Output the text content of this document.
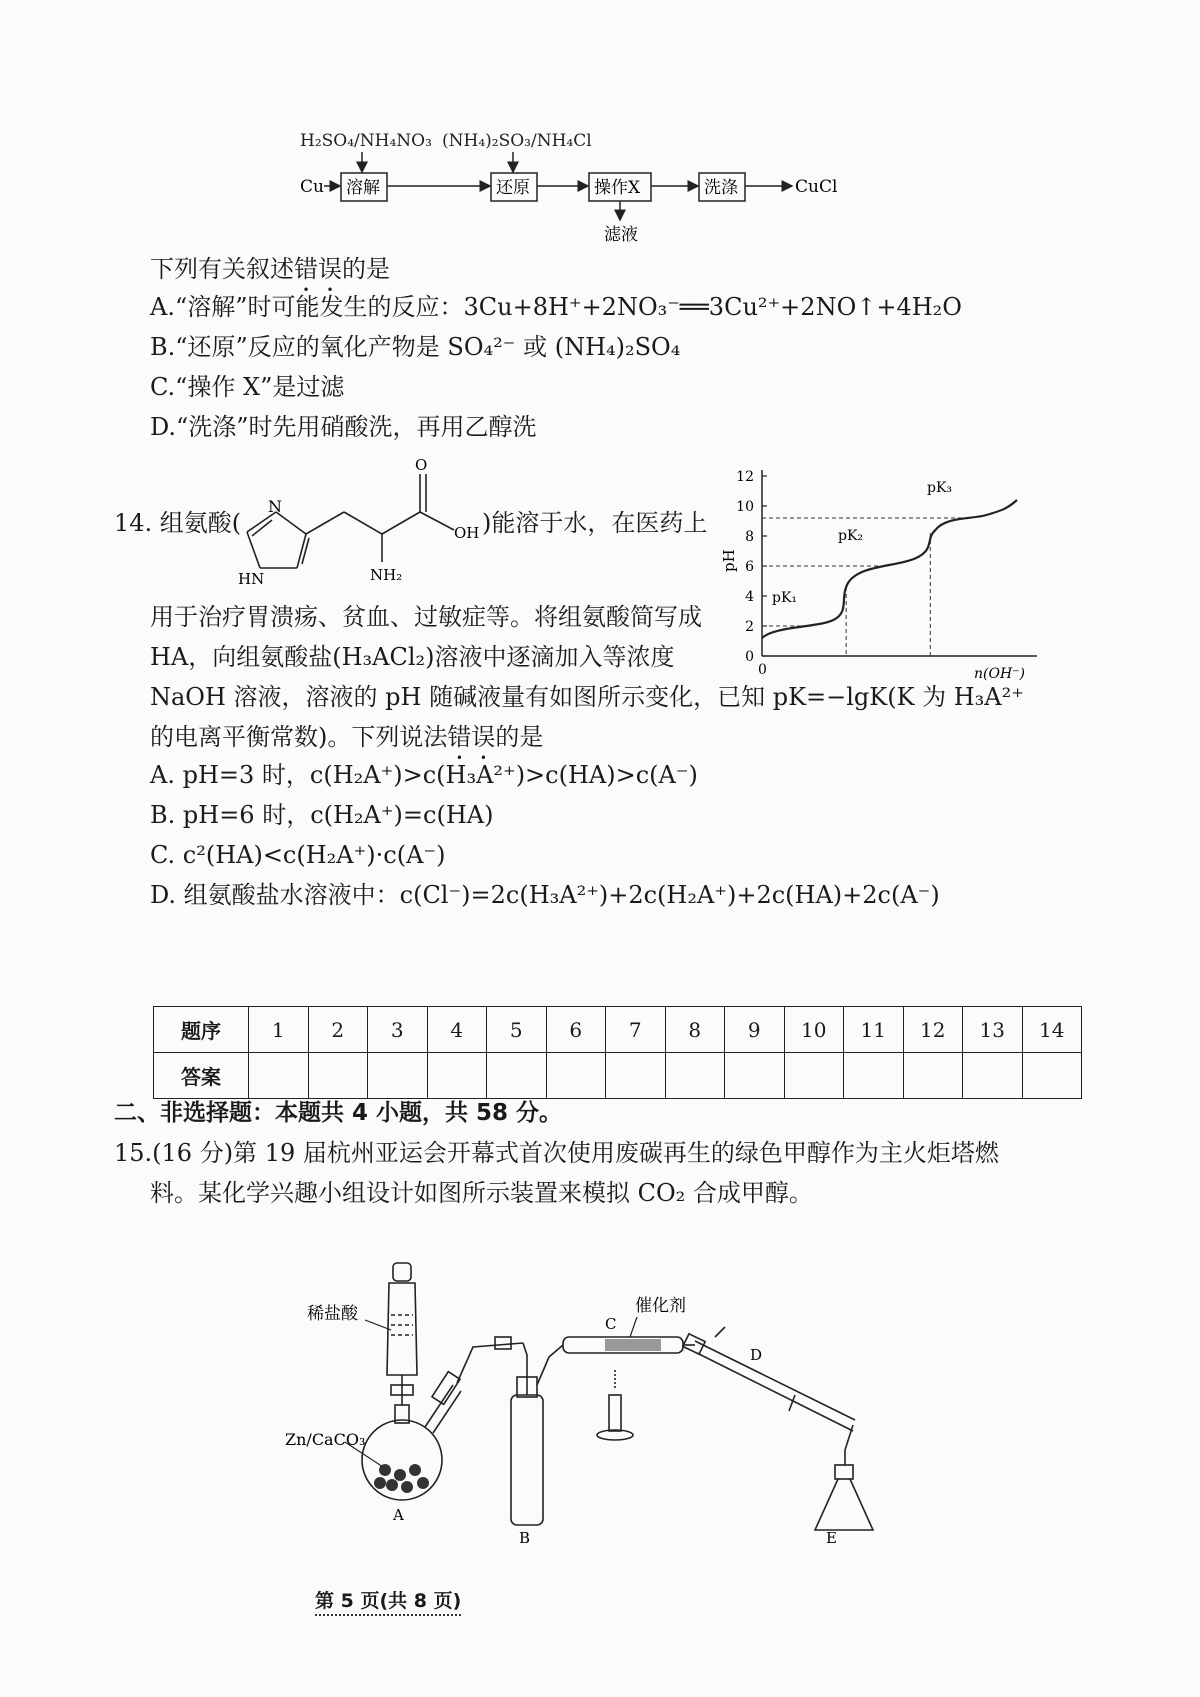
H₂SO₄/NH₄NO₃ (NH₄)₂SO₃/NH₄Cl
Cu 溶解	还原	操作X	洗涤	CuCl
滤液
下列有关叙述错误的是
A.“溶解”时可能发生的反应：3Cu+8H⁺+2NO₃⁻══3Cu²⁺+2NO↑+4H₂O
B.“还原”反应的氧化产物是 SO₄²⁻ 或 (NH₄)₂SO₄
C.“操作 X”是过滤
D.“洗涤”时先用硝酸洗，再用乙醇洗
14. 组氨酸(
N
HN
O
OH
NH₂
)能溶于水，在医药上
用于治疗胃溃疡、贫血、过敏症等。将组氨酸简写成
HA，向组氨酸盐(H₃ACl₂)溶液中逐滴加入等浓度
NaOH 溶液，溶液的 pH 随碱液量有如图所示变化，已知 pK=−lgK(K 为 H₃A²⁺
的电离平衡常数)。下列说法错误的是
A. pH=3 时，c(H₂A⁺)>c(H₃A²⁺)>c(HA)>c(A⁻)
B. pH=6 时，c(H₂A⁺)=c(HA)
C. c²(HA)<c(H₂A⁺)·c(A⁻)
D. 组氨酸盐水溶液中：c(Cl⁻)=2c(H₃A²⁺)+2c(H₂A⁺)+2c(HA)+2c(A⁻)
0
2
4
6
8
10
12
pH
n(OH⁻)
0
pK₁
pK₂
pK₃
题序	1	2	3	4	5	6	7	8	9	10	11	12	13	14
答案														
二、非选择题：本题共 4 小题，共 58 分。
15.(16 分)第 19 届杭州亚运会开幕式首次使用废碳再生的绿色甲醇作为主火炬塔燃
料。某化学兴趣小组设计如图所示装置来模拟 CO₂ 合成甲醇。
稀盐酸
Zn/CaCO₃
催化剂
A
B
C
D
E
第 5 页(共 8 页)
